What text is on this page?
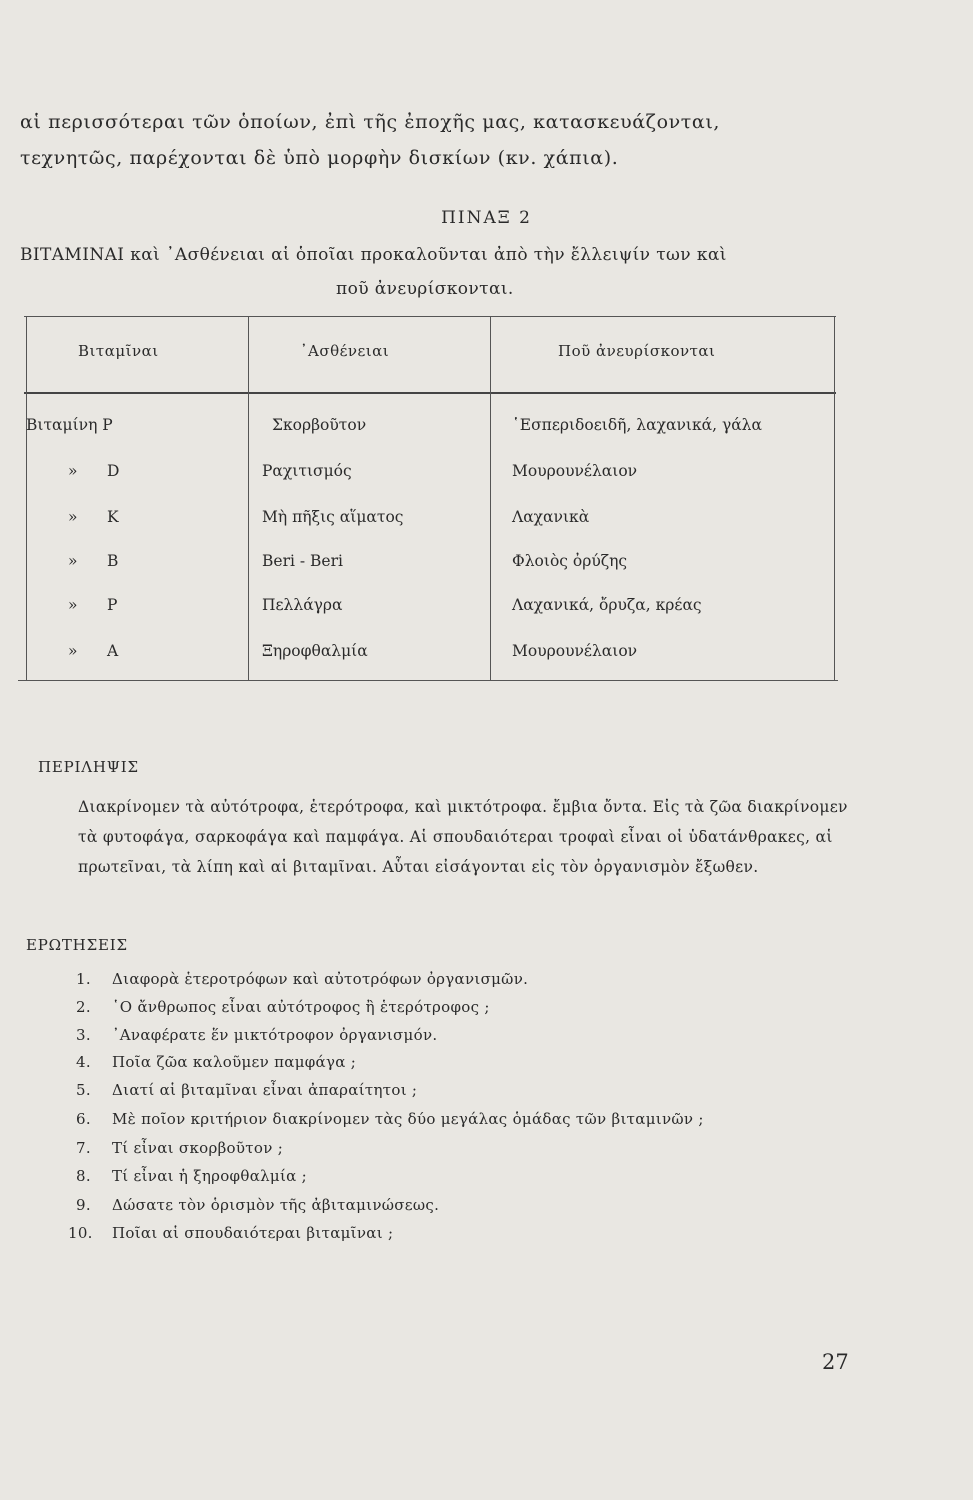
αἱ περισσότεραι τῶν ὁποίων, ἐπὶ τῆς ἐποχῆς μας, κατασκευάζονται,
τεχνητῶς, παρέχονται δὲ ὑπὸ μορφὴν δισκίων (κν. χάπια).
ΠΙΝΑΞ 2
ΒΙΤΑΜΙΝΑΙ καὶ ᾿Ασθένειαι αἱ ὁποῖαι προκαλοῦνται ἀπὸ τὴν ἔλλειψίν των καὶ
ποῦ ἀνευρίσκονται.
Βιταμῖναι	᾿Ασθένειαι	Ποῦ ἀνευρίσκονται
Βιταμίνη P	Σκορβοῦτον	῾Εσπεριδοειδῆ, λαχανικά, γάλα
»      D	Ραχιτισμός	Μουρουνέλαιον
»      K	Μὴ πῆξις αἵματος	Λαχανικὰ
»      B	Beri - Beri	Φλοιὸς ὀρύζης
»      P	Πελλάγρα	Λαχανικά, ὄρυζα, κρέας
»      A	Ξηροφθαλμία	Μουρουνέλαιον
ΠΕΡΙΛΗΨΙΣ
Διακρίνομεν τὰ αὐτότροφα, ἑτερότροφα, καὶ μικτότροφα. ἔμβια ὄντα. Εἰς τὰ ζῶα διακρίνομεν τὰ φυτοφάγα, σαρκοφάγα καὶ παμφάγα. Αἱ σπουδαιότεραι τροφαὶ εἶναι οἱ ὑδατάνθρακες, αἱ πρωτεῖναι, τὰ λίπη καὶ αἱ βιταμῖναι. Αὗται εἰσάγονται εἰς τὸν ὀργανισμὸν ἔξωθεν.
ΕΡΩΤΗΣΕΙΣ
1. Διαφορὰ ἑτεροτρόφων καὶ αὐτοτρόφων ὀργανισμῶν.
2. ῾Ο ἄνθρωπος εἶναι αὐτότροφος ἢ ἑτερότροφος ;
3. ᾿Αναφέρατε ἕν μικτότροφον ὀργανισμόν.
4. Ποῖα ζῶα καλοῦμεν παμφάγα ;
5. Διατί αἱ βιταμῖναι εἶναι ἀπαραίτητοι ;
6. Μὲ ποῖον κριτήριον διακρίνομεν τὰς δύο μεγάλας ὁμάδας τῶν βιταμινῶν ;
7. Τί εἶναι σκορβοῦτον ;
8. Τί εἶναι ἡ ξηροφθαλμία ;
9. Δώσατε τὸν ὁρισμὸν τῆς ἀβιταμινώσεως.
10. Ποῖαι αἱ σπουδαιότεραι βιταμῖναι ;
27
